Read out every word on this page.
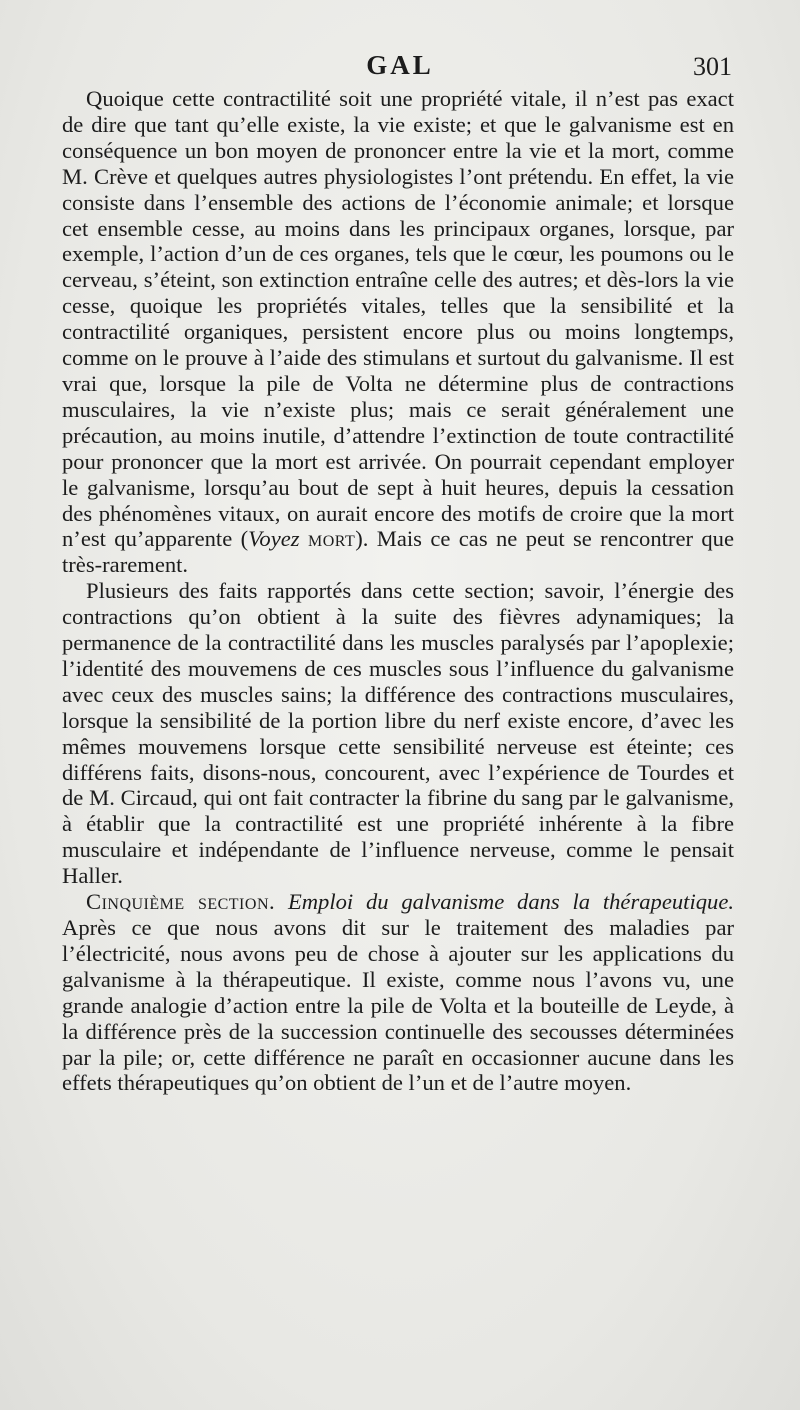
GAL	301

Quoique cette contractilité soit une propriété vitale, il n’est pas exact de dire que tant qu’elle existe, la vie existe; et que le galvanisme est en conséquence un bon moyen de prononcer entre la vie et la mort, comme M. Crève et quelques autres physiologistes l’ont prétendu. En effet, la vie consiste dans l’ensemble des actions de l’économie animale; et lorsque cet ensemble cesse, au moins dans les principaux organes, lorsque, par exemple, l’action d’un de ces organes, tels que le cœur, les poumons ou le cerveau, s’éteint, son extinction entraîne celle des autres; et dès-lors la vie cesse, quoique les propriétés vitales, telles que la sensibilité et la contractilité organiques, persistent encore plus ou moins longtemps, comme on le prouve à l’aide des stimulans et surtout du galvanisme. Il est vrai que, lorsque la pile de Volta ne détermine plus de contractions musculaires, la vie n’existe plus; mais ce serait généralement une précaution, au moins inutile, d’attendre l’extinction de toute contractilité pour prononcer que la mort est arrivée. On pourrait cependant employer le galvanisme, lorsqu’au bout de sept à huit heures, depuis la cessation des phénomènes vitaux, on aurait encore des motifs de croire que la mort n’est qu’apparente (Voyez mort). Mais ce cas ne peut se rencontrer que très-rarement.

Plusieurs des faits rapportés dans cette section; savoir, l’énergie des contractions qu’on obtient à la suite des fièvres adynamiques; la permanence de la contractilité dans les muscles paralysés par l’apoplexie; l’identité des mouvemens de ces muscles sous l’influence du galvanisme avec ceux des muscles sains; la différence des contractions musculaires, lorsque la sensibilité de la portion libre du nerf existe encore, d’avec les mêmes mouvemens lorsque cette sensibilité nerveuse est éteinte; ces différens faits, disons-nous, concourent, avec l’expérience de Tourdes et de M. Circaud, qui ont fait contracter la fibrine du sang par le galvanisme, à établir que la contractilité est une propriété inhérente à la fibre musculaire et indépendante de l’influence nerveuse, comme le pensait Haller.

Cinquième section. Emploi du galvanisme dans la thérapeutique. Après ce que nous avons dit sur le traitement des maladies par l’électricité, nous avons peu de chose à ajouter sur les applications du galvanisme à la thérapeutique. Il existe, comme nous l’avons vu, une grande analogie d’action entre la pile de Volta et la bouteille de Leyde, à la différence près de la succession continuelle des secousses déterminées par la pile; or, cette différence ne paraît en occasionner aucune dans les effets thérapeutiques qu’on obtient de l’un et de l’autre moyen.
